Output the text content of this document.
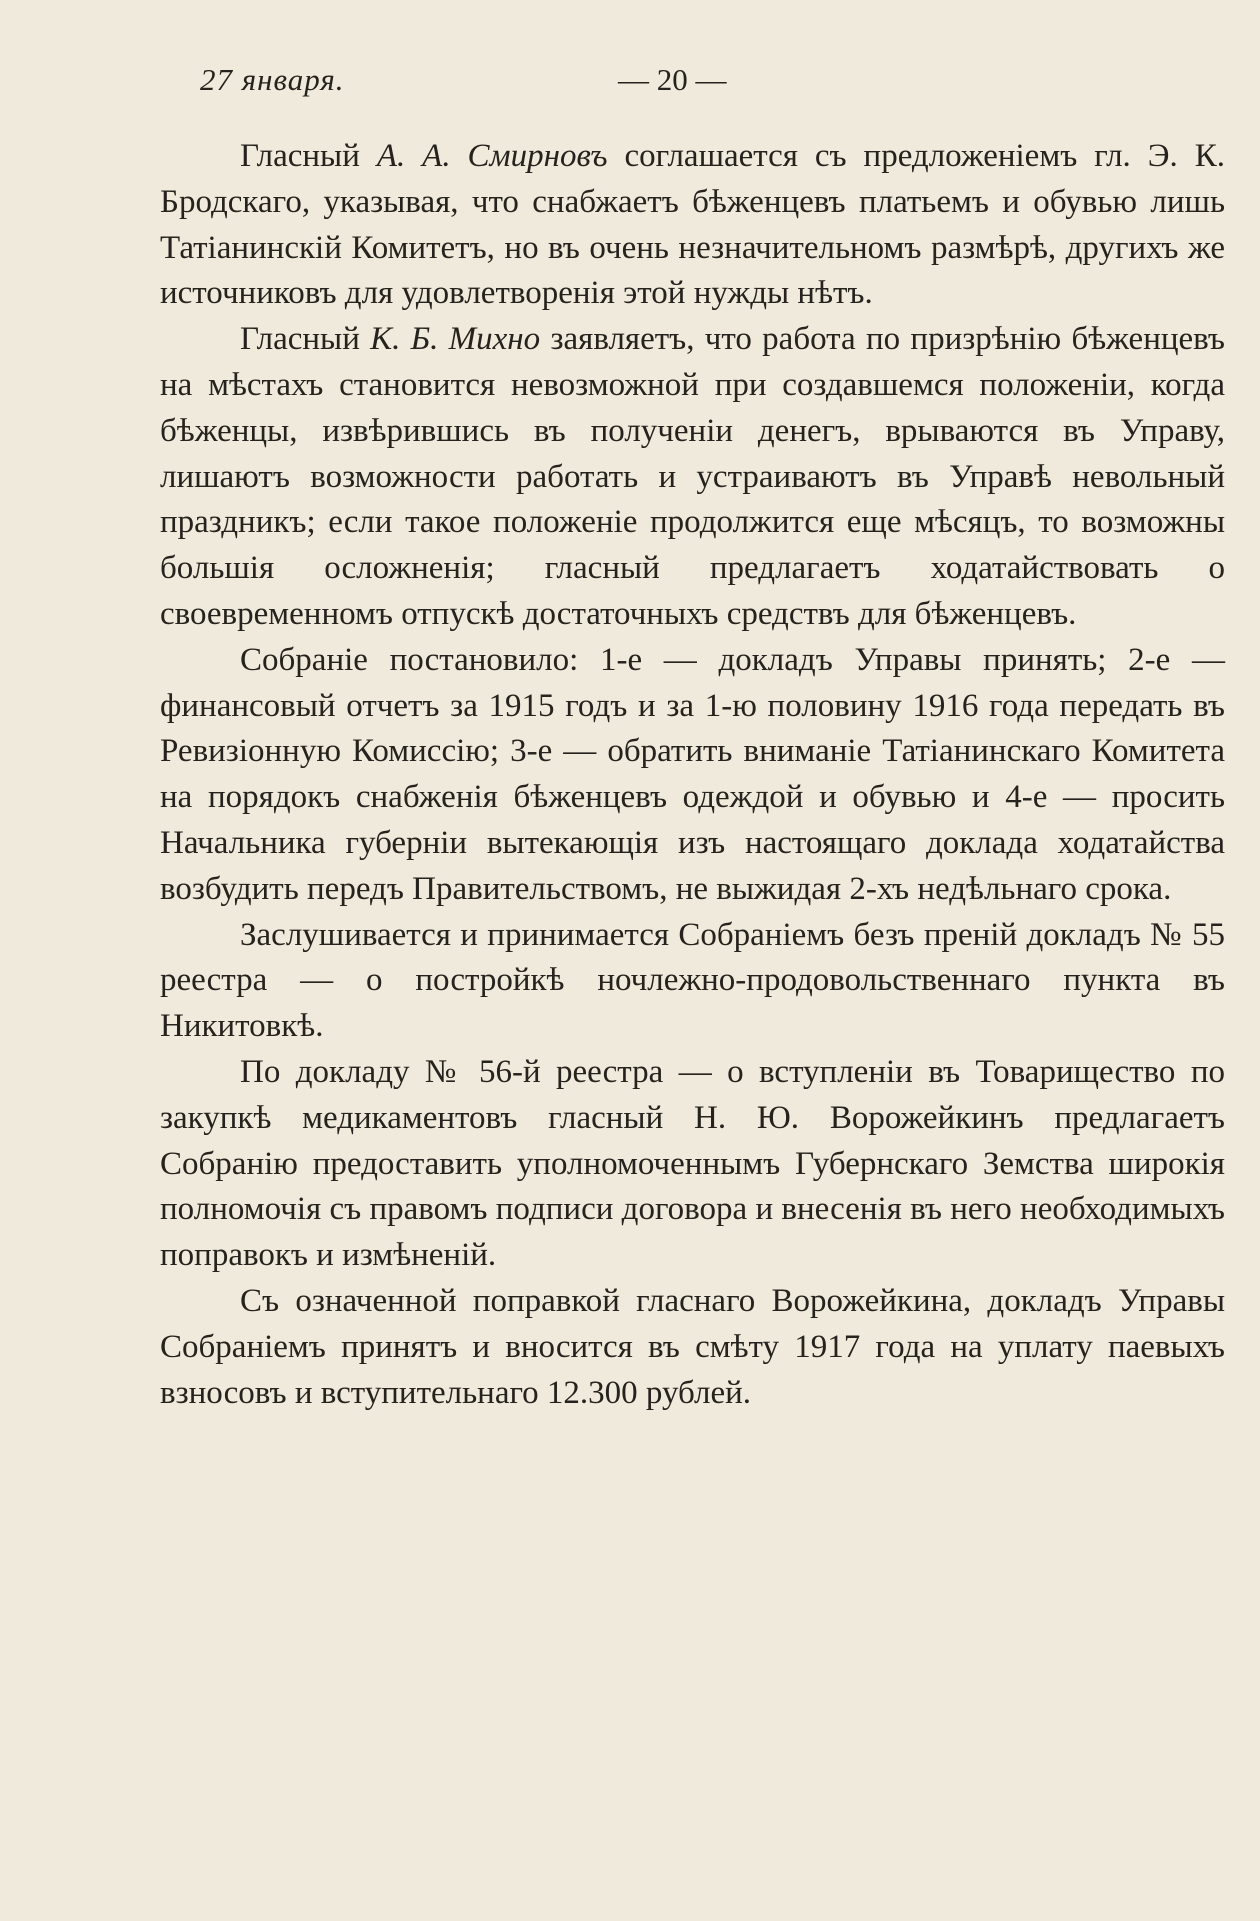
27 января.	— 20 —

Гласный А. А. Смирновъ соглашается съ предложеніемъ гл. Э. К. Бродскаго, указывая, что снабжаетъ бѣженцевъ платьемъ и обувью лишь Татіанинскій Комитетъ, но въ очень незначительномъ размѣрѣ, другихъ же источниковъ для удовлетворенія этой нужды нѣтъ.

Гласный К. Б. Михно заявляетъ, что работа по призрѣнію бѣженцевъ на мѣстахъ становится невозможной при создавшемся положеніи, когда бѣженцы, извѣрившись въ полученіи денегъ, врываются въ Управу, лишаютъ возможности работать и устраиваютъ въ Управѣ невольный праздникъ; если такое положеніе продолжится еще мѣсяцъ, то возможны большія осложненія; гласный предлагаетъ ходатайствовать о своевременномъ отпускѣ достаточныхъ средствъ для бѣженцевъ.

Собраніе постановило: 1-е — докладъ Управы принять; 2-е — финансовый отчетъ за 1915 годъ и за 1-ю половину 1916 года передать въ Ревизіонную Комиссію; 3-е — обратить вниманіе Татіанинскаго Комитета на порядокъ снабженія бѣженцевъ одеждой и обувью и 4-е — просить Начальника губерніи вытекающія изъ настоящаго доклада ходатайства возбудить передъ Правительствомъ, не выжидая 2-хъ недѣльнаго срока.

Заслушивается и принимается Собраніемъ безъ преній докладъ № 55 реестра — о постройкѣ ночлежно-продовольственнаго пункта въ Никитовкѣ.

По докладу № 56-й реестра — о вступленіи въ Товарищество по закупкѣ медикаментовъ гласный Н. Ю. Ворожейкинъ предлагаетъ Собранію предоставить уполномоченнымъ Губернскаго Земства широкія полномочія съ правомъ подписи договора и внесенія въ него необходимыхъ поправокъ и измѣненій.

Съ означенной поправкой гласнаго Ворожейкина, докладъ Управы Собраніемъ принятъ и вносится въ смѣту 1917 года на уплату паевыхъ взносовъ и вступительнаго 12.300 рублей.
